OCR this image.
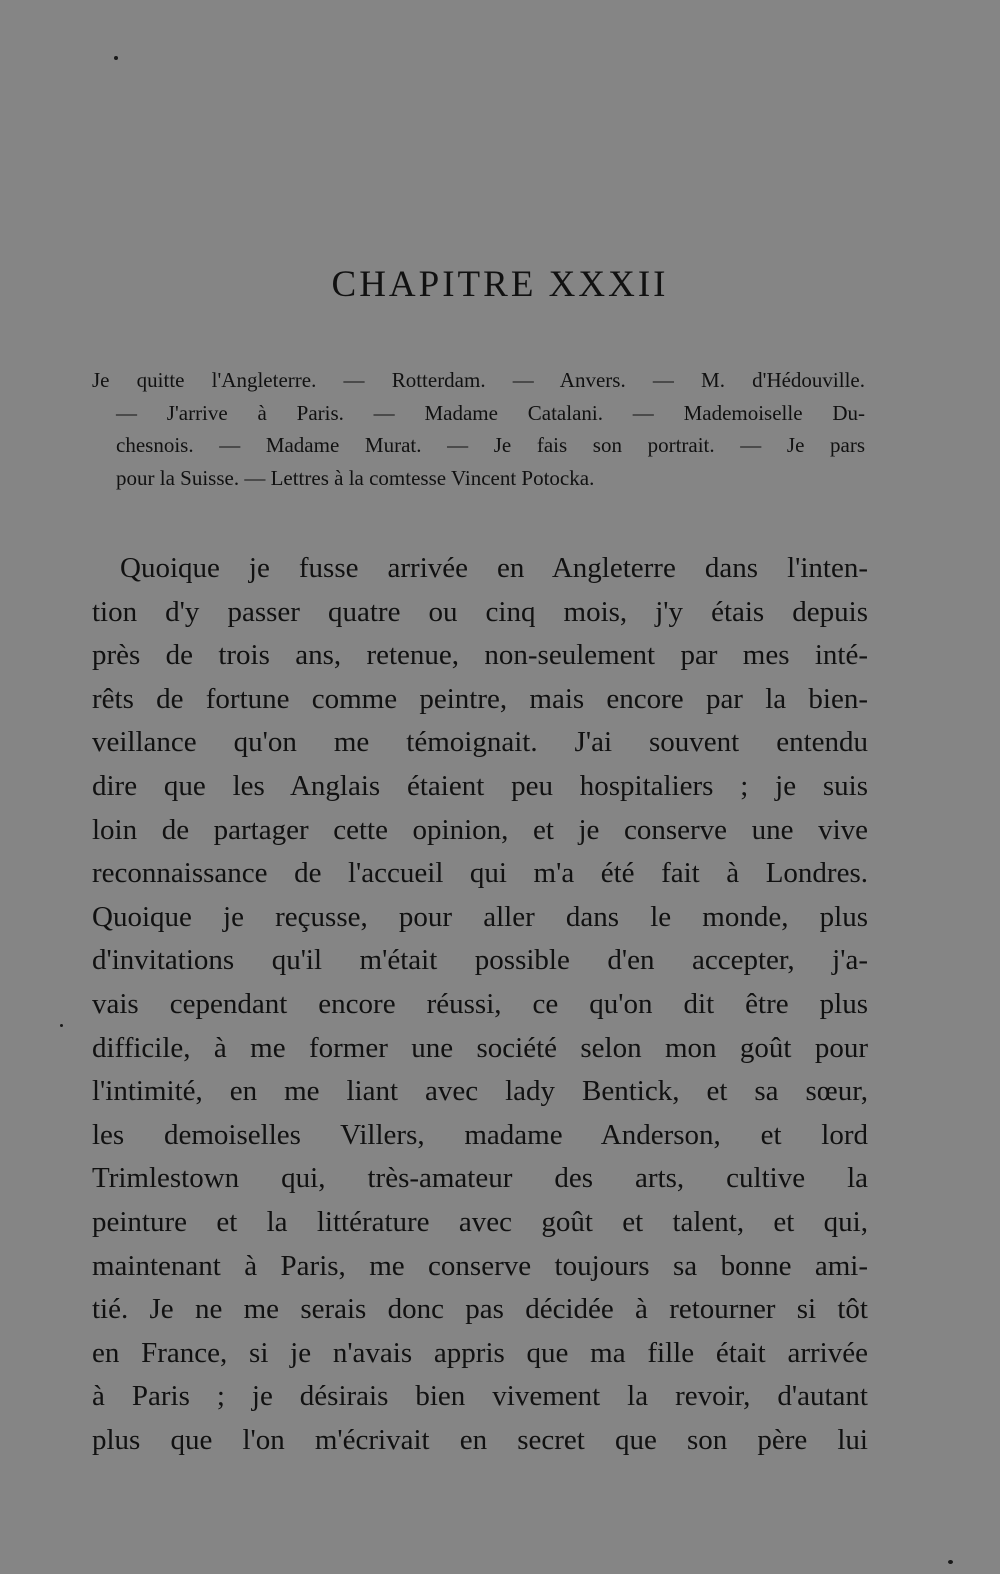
CHAPITRE XXXII
Je quitte l'Angleterre. — Rotterdam. — Anvers. — M. d'Hédouville.
— J'arrive à Paris. — Madame Catalani. — Mademoiselle Du-
chesnois. — Madame Murat. — Je fais son portrait. — Je pars
pour la Suisse. — Lettres à la comtesse Vincent Potocka.
Quoique je fusse arrivée en Angleterre dans l'inten-
tion d'y passer quatre ou cinq mois, j'y étais depuis
près de trois ans, retenue, non-seulement par mes inté-
rêts de fortune comme peintre, mais encore par la bien-
veillance qu'on me témoignait. J'ai souvent entendu
dire que les Anglais étaient peu hospitaliers ; je suis
loin de partager cette opinion, et je conserve une vive
reconnaissance de l'accueil qui m'a été fait à Londres.
Quoique je reçusse, pour aller dans le monde, plus
d'invitations qu'il m'était possible d'en accepter, j'a-
vais cependant encore réussi, ce qu'on dit être plus
difficile, à me former une société selon mon goût pour
l'intimité, en me liant avec lady Bentick, et sa sœur,
les demoiselles Villers, madame Anderson, et lord
Trimlestown qui, très-amateur des arts, cultive la
peinture et la littérature avec goût et talent, et qui,
maintenant à Paris, me conserve toujours sa bonne ami-
tié. Je ne me serais donc pas décidée à retourner si tôt
en France, si je n'avais appris que ma fille était arrivée
à Paris ; je désirais bien vivement la revoir, d'autant
plus que l'on m'écrivait en secret que son père lui
